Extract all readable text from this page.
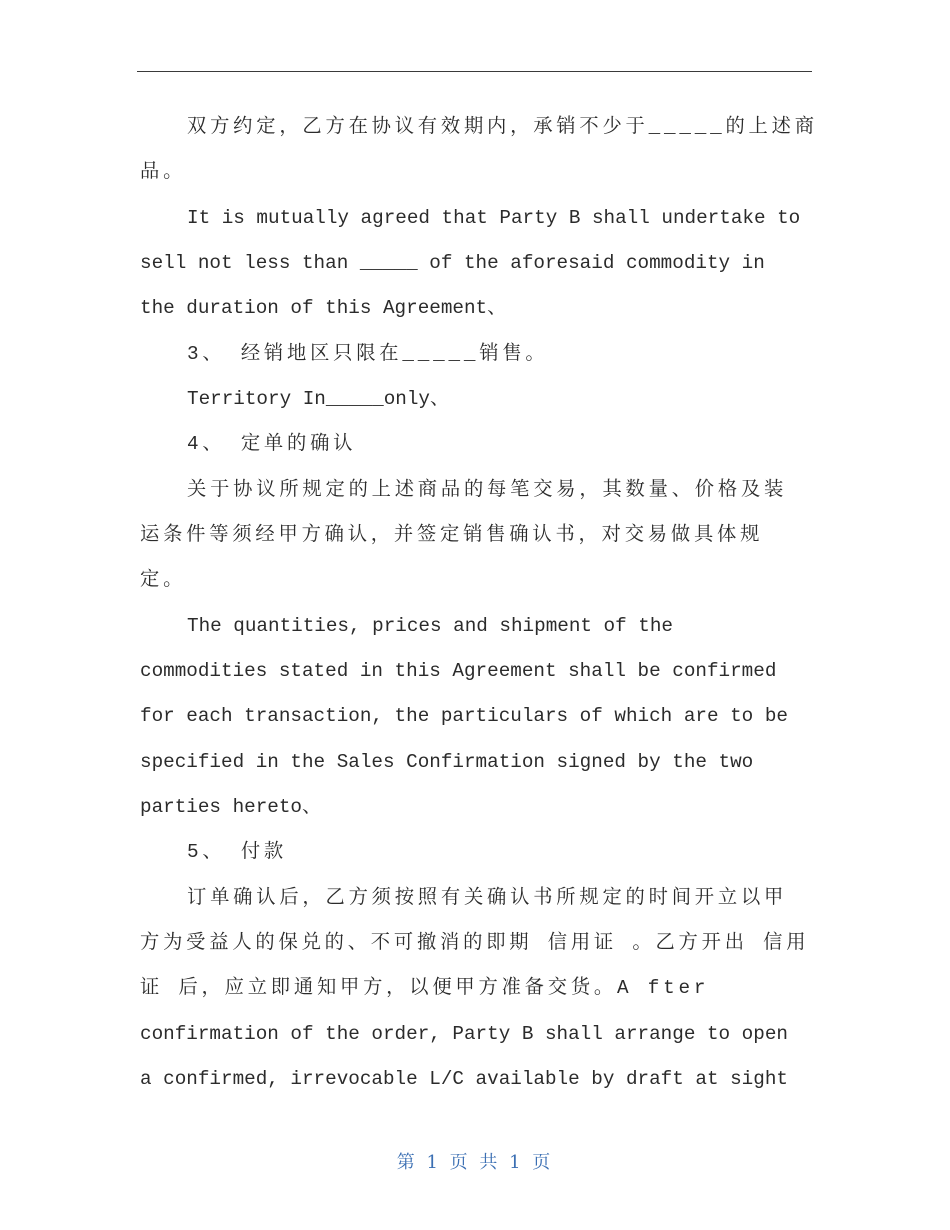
双方约定，乙方在协议有效期内，承销不少于_____的上述商
品。
It is mutually agreed that Party B shall undertake to
sell not less than _____ of the aforesaid commodity in
the duration of this Agreement、
3、 经销地区只限在_____销售。
Territory In_____only、
4、 定单的确认
关于协议所规定的上述商品的每笔交易，其数量、价格及装
运条件等须经甲方确认，并签定销售确认书，对交易做具体规
定。
The quantities, prices and shipment of the
commodities stated in this Agreement shall be confirmed
for each transaction, the particulars of which are to be
specified in the Sales Confirmation signed by the two
parties hereto、
5、 付款
订单确认后，乙方须按照有关确认书所规定的时间开立以甲
方为受益人的保兑的、不可撤消的即期 信用证 。乙方开出 信用
证 后，应立即通知甲方，以便甲方准备交货。A fter
confirmation of the order, Party B shall arrange to open
a confirmed, irrevocable L/C available by draft at sight
第 1 页 共 1 页
